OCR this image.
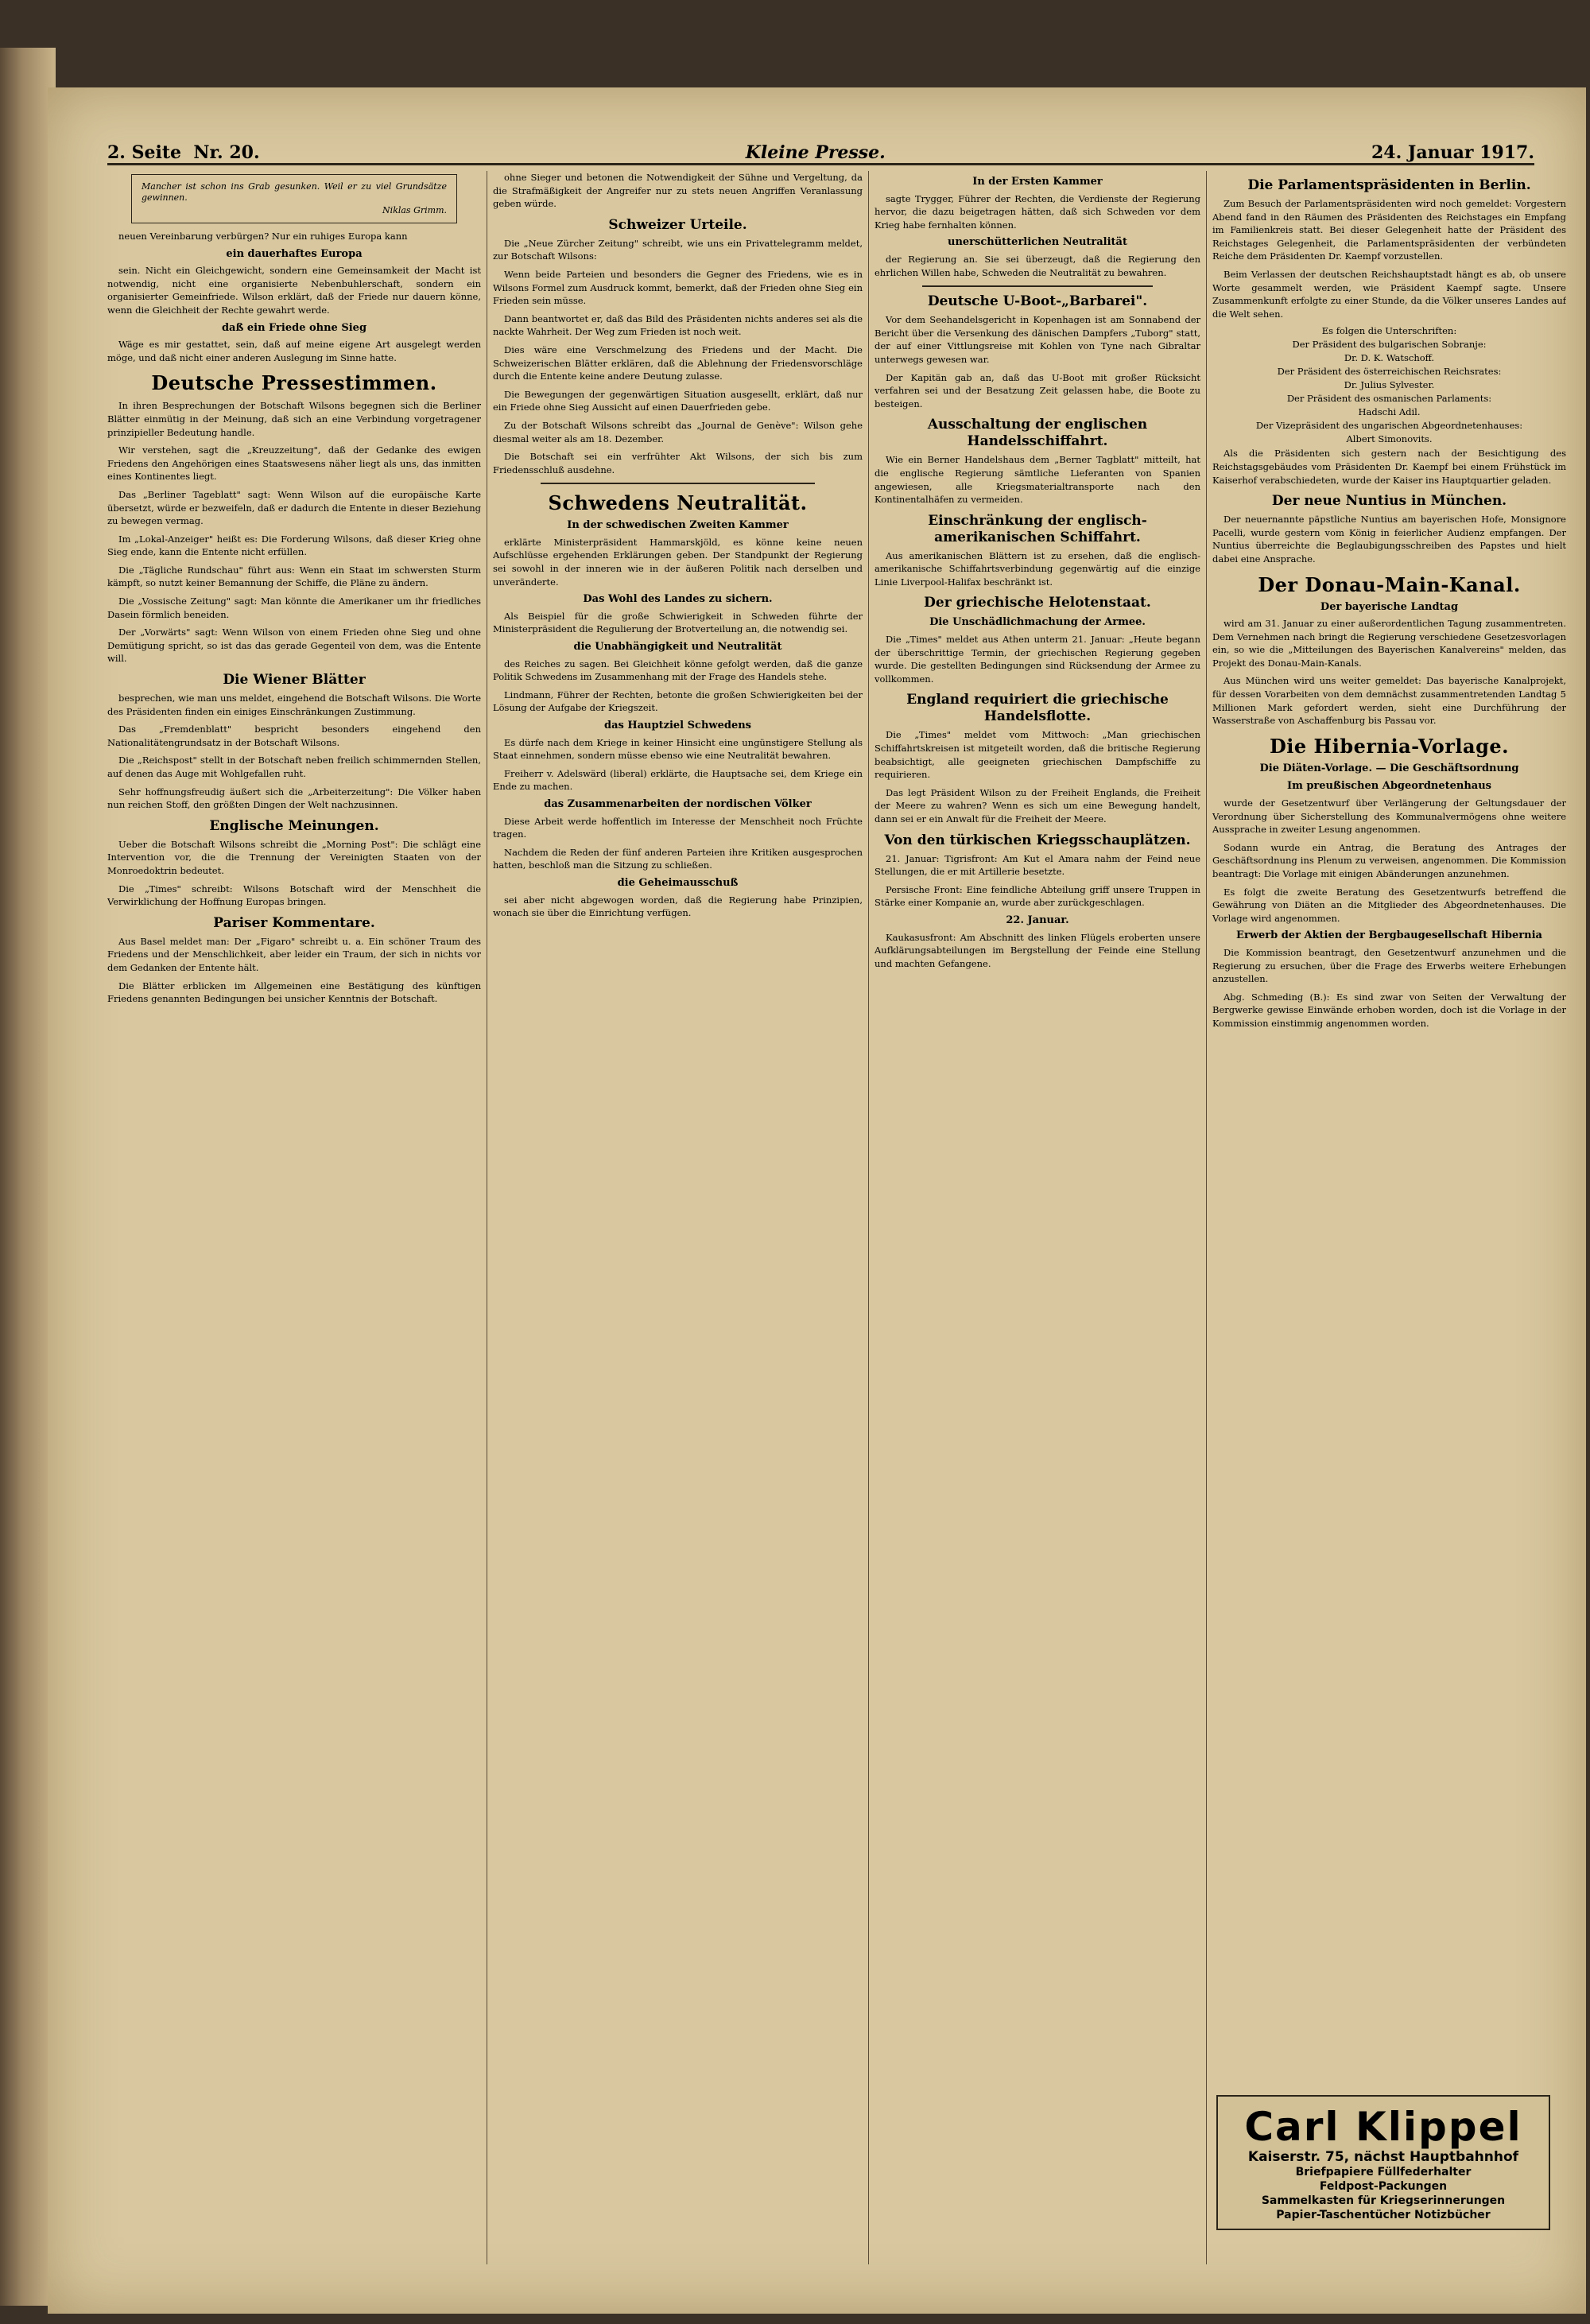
2. Seite Nr. 20.	Kleine Presse.	24. Januar 1917.
Mancher ist schon ins Grab gesunken. Weil er zu viel Grundsätze gewinnen.
Niklas Grimm.

neuen Vereinbarung verbürgen? Nur ein ruhiges Europa kann

ein dauerhaftes Europa

sein. Nicht ein Gleichgewicht, sondern eine Gemeinsamkeit der Macht ist notwendig, nicht eine organisierte Nebenbuhlerschaft, sondern ein organisierter Gemeinfriede. Wilson erklärt, daß der Friede nur dauern könne, wenn die Gleichheit der Rechte gewahrt werde.

daß ein Friede ohne Sieg

Wäge es mir gestattet, sein, daß auf meine eigene Art ausgelegt werden möge, und daß nicht einer anderen Auslegung im Sinne hatte.

Deutsche Pressestimmen.

In ihren Besprechungen der Botschaft Wilsons begegnen sich die Berliner Blätter einmütig in der Meinung, daß sich an eine Verbindung vorgetragener prinzipieller Bedeutung handle.

Wir verstehen, sagt die „Kreuzzeitung", daß der Gedanke des ewigen Friedens den Angehörigen eines Staatswesens näher liegt als uns, das inmitten eines Kontinentes liegt.

Das „Berliner Tageblatt" sagt: Wenn Wilson auf die europäische Karte übersetzt, würde er bezweifeln, daß er dadurch die Entente in dieser Beziehung zu bewegen vermag.

Im „Lokal-Anzeiger" heißt es: Die Forderung Wilsons, daß dieser Krieg ohne Sieg ende, kann die Entente nicht erfüllen.

Die „Tägliche Rundschau" führt aus: Wenn ein Staat im schwersten Sturm kämpft, so nutzt keiner Bemannung der Schiffe, die Pläne zu ändern.

Die „Vossische Zeitung" sagt: Man könnte die Amerikaner um ihr friedliches Dasein förmlich beneiden.

Der „Vorwärts" sagt: Wenn Wilson von einem Frieden ohne Sieg und ohne Demütigung spricht, so ist das das gerade Gegenteil von dem, was die Entente will.

Die Wiener Blätter

besprechen, wie man uns meldet, eingehend die Botschaft Wilsons. Die Worte des Präsidenten finden ein einiges Einschränkungen Zustimmung.

Das „Fremdenblatt" bespricht besonders eingehend den Nationalitätengrundsatz in der Botschaft Wilsons.

Die „Reichspost" stellt in der Botschaft neben freilich schimmernden Stellen, auf denen das Auge mit Wohlgefallen ruht.

Sehr hoffnungsfreudig äußert sich die „Arbeiterzeitung": Die Völker haben nun reichen Stoff, den größten Dingen der Welt nachzusinnen.

Englische Meinungen.

Ueber die Botschaft Wilsons schreibt die „Morning Post": Die schlägt eine Intervention vor, die die Trennung der Vereinigten Staaten von der Monroedoktrin bedeutet.

Die „Times" schreibt: Wilsons Botschaft wird der Menschheit die Verwirklichung der Hoffnung Europas bringen.

Pariser Kommentare.

Aus Basel meldet man: Der „Figaro" schreibt u. a. Ein schöner Traum des Friedens und der Menschlichkeit, aber leider ein Traum, der sich in nichts vor dem Gedanken der Entente hält.

Die Blätter erblicken im Allgemeinen eine Bestätigung des künftigen Friedens genannten Bedingungen bei unsicher Kenntnis der Botschaft.

ohne Sieger und betonen die Notwendigkeit der Sühne und Vergeltung, da die Strafmäßigkeit der Angreifer nur zu stets neuen Angriffen Veranlassung geben würde.

Schweizer Urteile.

Die „Neue Zürcher Zeitung" schreibt, wie uns ein Privattelegramm meldet, zur Botschaft Wilsons:

Wenn beide Parteien und besonders die Gegner des Friedens, wie es in Wilsons Formel zum Ausdruck kommt, bemerkt, daß der Frieden ohne Sieg ein Frieden sein müsse.

Dann beantwortet er, daß das Bild des Präsidenten nichts anderes sei als die nackte Wahrheit. Der Weg zum Frieden ist noch weit.

Dies wäre eine Verschmelzung des Friedens und der Macht. Die Schweizerischen Blätter erklären, daß die Ablehnung der Friedensvorschläge durch die Entente keine andere Deutung zulasse.

Die Bewegungen der gegenwärtigen Situation ausgesellt, erklärt, daß nur ein Friede ohne Sieg Aussicht auf einen Dauerfrieden gebe.

Zu der Botschaft Wilsons schreibt das „Journal de Genève": Wilson gehe diesmal weiter als am 18. Dezember.

Die Botschaft sei ein verfrühter Akt Wilsons, der sich bis zum Friedensschluß ausdehne.

Schwedens Neutralität.
In der schwedischen Zweiten Kammer

erklärte Ministerpräsident Hammarskjöld, es könne keine neuen Aufschlüsse ergehenden Erklärungen geben. Der Standpunkt der Regierung sei sowohl in der inneren wie in der äußeren Politik nach derselben und unveränderte.

Das Wohl des Landes zu sichern.

Als Beispiel für die große Schwierigkeit in Schweden führte der Ministerpräsident die Regulierung der Brotverteilung an, die notwendig sei.

die Unabhängigkeit und Neutralität

des Reiches zu sagen. Bei Gleichheit könne gefolgt werden, daß die ganze Politik Schwedens im Zusammenhang mit der Frage des Handels stehe.

Lindmann, Führer der Rechten, betonte die großen Schwierigkeiten bei der Lösung der Aufgabe der Kriegszeit.

das Hauptziel Schwedens

Es dürfe nach dem Kriege in keiner Hinsicht eine ungünstigere Stellung als Staat einnehmen, sondern müsse ebenso wie eine Neutralität bewahren.

Freiherr v. Adelswärd (liberal) erklärte, die Hauptsache sei, dem Kriege ein Ende zu machen.

das Zusammenarbeiten der nordischen Völker

Diese Arbeit werde hoffentlich im Interesse der Menschheit noch Früchte tragen.

Nachdem die Reden der fünf anderen Parteien ihre Kritiken ausgesprochen hatten, beschloß man die Sitzung zu schließen.

die Geheimausschuß

sei aber nicht abgewogen worden, daß die Regierung habe Prinzipien, wonach sie über die Einrichtung verfügen.

In der Ersten Kammer

sagte Trygger, Führer der Rechten, die Verdienste der Regierung hervor, die dazu beigetragen hätten, daß sich Schweden vor dem Krieg habe fernhalten können.

unerschütterlichen Neutralität

der Regierung an. Sie sei überzeugt, daß die Regierung den ehrlichen Willen habe, Schweden die Neutralität zu bewahren.

Deutsche U-Boot-„Barbarei".

Vor dem Seehandelsgericht in Kopenhagen ist am Sonnabend der Bericht über die Versenkung des dänischen Dampfers „Tuborg" statt, der auf einer Vittlungsreise mit Kohlen von Tyne nach Gibraltar unterwegs gewesen war.

Der Kapitän gab an, daß das U-Boot mit großer Rücksicht verfahren sei und der Besatzung Zeit gelassen habe, die Boote zu besteigen.

Ausschaltung der englischen Handelsschiffahrt.

Wie ein Berner Handelshaus dem „Berner Tagblatt" mitteilt, hat die englische Regierung sämtliche Lieferanten von Spanien angewiesen, alle Kriegsmaterialtransporte nach den Kontinentalhäfen zu vermeiden.

Einschränkung der englisch-amerikanischen Schiffahrt.

Aus amerikanischen Blättern ist zu ersehen, daß die englisch-amerikanische Schiffahrtsverbindung gegenwärtig auf die einzige Linie Liverpool-Halifax beschränkt ist.

Der griechische Helotenstaat.
Die Unschädlichmachung der Armee.

Die „Times" meldet aus Athen unterm 21. Januar: „Heute begann der überschrittige Termin, der griechischen Regierung gegeben wurde. Die gestellten Bedingungen sind Rücksendung der Armee zu vollkommen.

England requiriert die griechische Handelsflotte.

Die „Times" meldet vom Mittwoch: „Man griechischen Schiffahrtskreisen ist mitgeteilt worden, daß die britische Regierung beabsichtigt, alle geeigneten griechischen Dampfschiffe zu requirieren.

Das legt Präsident Wilson zu der Freiheit Englands, die Freiheit der Meere zu wahren? Wenn es sich um eine Bewegung handelt, dann sei er ein Anwalt für die Freiheit der Meere.

Von den türkischen Kriegsschauplätzen.

21. Januar: Tigrisfront: Am Kut el Amara nahm der Feind neue Stellungen, die er mit Artillerie besetzte.

Persische Front: Eine feindliche Abteilung griff unsere Truppen in Stärke einer Kompanie an, wurde aber zurückgeschlagen.

22. Januar.

Kaukasusfront: Am Abschnitt des linken Flügels eroberten unsere Aufklärungsabteilungen im Bergstellung der Feinde eine Stellung und machten Gefangene.

Die Parlamentspräsidenten in Berlin.

Zum Besuch der Parlamentspräsidenten wird noch gemeldet: Vorgestern Abend fand in den Räumen des Präsidenten des Reichstages ein Empfang im Familienkreis statt. Bei dieser Gelegenheit hatte der Präsident des Reichstages Gelegenheit, die Parlamentspräsidenten der verbündeten Reiche dem Präsidenten Dr. Kaempf vorzustellen.

Beim Verlassen der deutschen Reichshauptstadt hängt es ab, ob unsere Worte gesammelt werden, wie Präsident Kaempf sagte. Unsere Zusammenkunft erfolgte zu einer Stunde, da die Völker unseres Landes auf die Welt sehen.

Es folgen die Unterschriften:
Der Präsident des bulgarischen Sobranje:
Dr. D. K. Watschoff.
Der Präsident des österreichischen Reichsrates:
Dr. Julius Sylvester.
Der Präsident des osmanischen Parlaments:
Hadschi Adil.
Der Vizepräsident des ungarischen Abgeordnetenhauses:
Albert Simonovits.

Als die Präsidenten sich gestern nach der Besichtigung des Reichstagsgebäudes vom Präsidenten Dr. Kaempf bei einem Frühstück im Kaiserhof verabschiedeten, wurde der Kaiser ins Hauptquartier geladen.

Der neue Nuntius in München.

Der neuernannte päpstliche Nuntius am bayerischen Hofe, Monsignore Pacelli, wurde gestern vom König in feierlicher Audienz empfangen. Der Nuntius überreichte die Beglaubigungsschreiben des Papstes und hielt dabei eine Ansprache.

Der Donau-Main-Kanal.
Der bayerische Landtag

wird am 31. Januar zu einer außerordentlichen Tagung zusammentreten. Dem Vernehmen nach bringt die Regierung verschiedene Gesetzesvorlagen ein, so wie die „Mitteilungen des Bayerischen Kanalvereins" melden, das Projekt des Donau-Main-Kanals.

Aus München wird uns weiter gemeldet: Das bayerische Kanalprojekt, für dessen Vorarbeiten von dem demnächst zusammentretenden Landtag 5 Millionen Mark gefordert werden, sieht eine Durchführung der Wasserstraße von Aschaffenburg bis Passau vor.

Die Hibernia-Vorlage.
Die Diäten-Vorlage. — Die Geschäftsordnung
Im preußischen Abgeordnetenhaus

wurde der Gesetzentwurf über Verlängerung der Geltungsdauer der Verordnung über Sicherstellung des Kommunalvermögens ohne weitere Aussprache in zweiter Lesung angenommen.

Sodann wurde ein Antrag, die Beratung des Antrages der Geschäftsordnung ins Plenum zu verweisen, angenommen. Die Kommission beantragt: Die Vorlage mit einigen Abänderungen anzunehmen.

Es folgt die zweite Beratung des Gesetzentwurfs betreffend die Gewährung von Diäten an die Mitglieder des Abgeordnetenhauses. Die Vorlage wird angenommen.

Erwerb der Aktien der Bergbaugesellschaft Hibernia

Die Kommission beantragt, den Gesetzentwurf anzunehmen und die Regierung zu ersuchen, über die Frage des Erwerbs weitere Erhebungen anzustellen.

Abg. Schmeding (B.): Es sind zwar von Seiten der Verwaltung der Bergwerke gewisse Einwände erhoben worden, doch ist die Vorlage in der Kommission einstimmig angenommen worden.

Carl Klippel
Kaiserstr. 75, nächst Hauptbahnhof
Briefpapiere Füllfederhalter
Feldpost-Packungen
Sammelkasten für Kriegserinnerungen
Papier-Taschentücher Notizbücher
